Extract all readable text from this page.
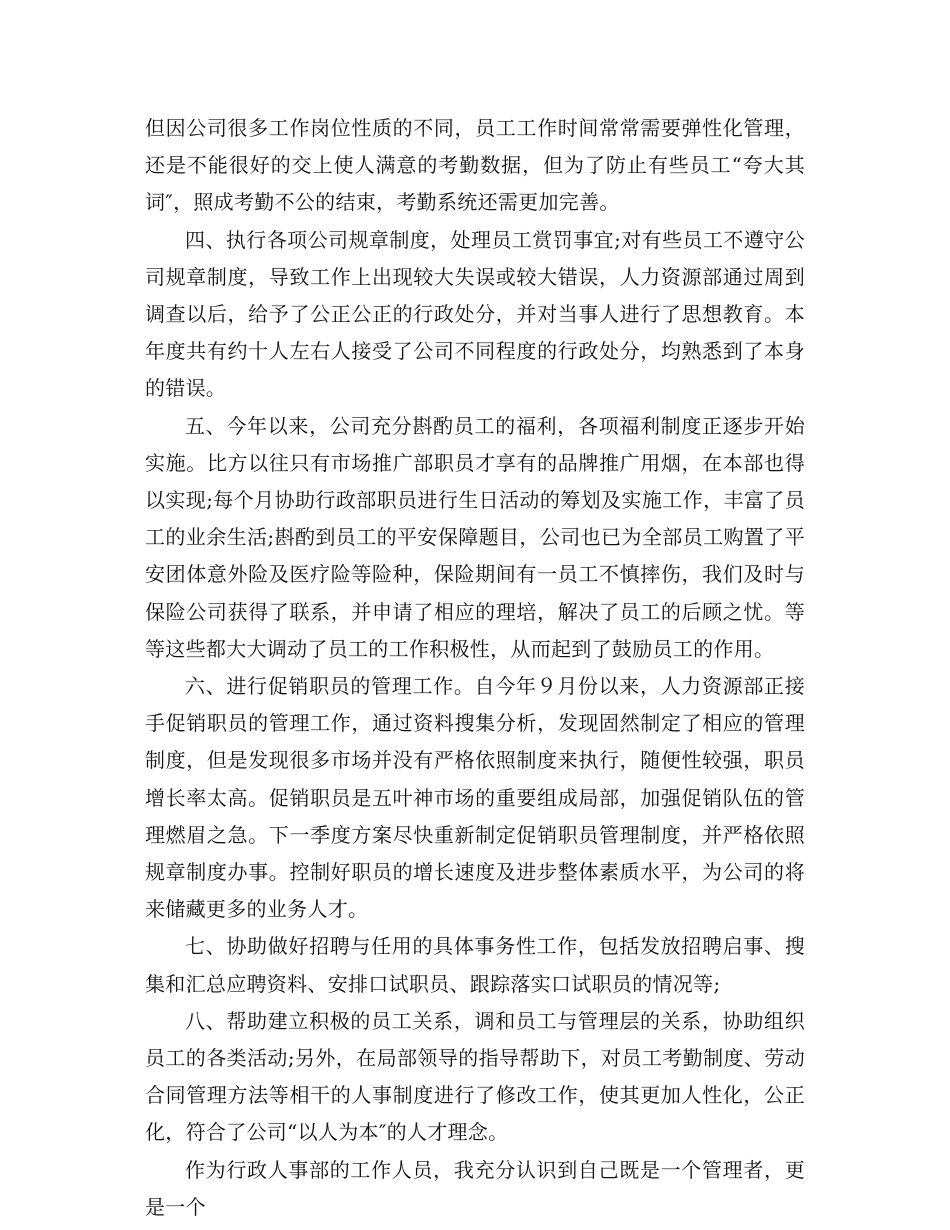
但因公司很多工作岗位性质的不同，员工工作时间常常需要弹性化管理，还是不能很好的交上使人满意的考勤数据，但为了防止有些员工“夸大其词″，照成考勤不公的结束，考勤系统还需更加完善。

四、执行各项公司规章制度，处理员工赏罚事宜;对有些员工不遵守公司规章制度，导致工作上出现较大失误或较大错误，人力资源部通过周到调查以后，给予了公正公正的行政处分，并对当事人进行了思想教育。本年度共有约十人左右人接受了公司不同程度的行政处分，均熟悉到了本身的错误。

五、今年以来，公司充分斟酌员工的福利，各项福利制度正逐步开始实施。比方以往只有市场推广部职员才享有的品牌推广用烟，在本部也得以实现;每个月协助行政部职员进行生日活动的筹划及实施工作，丰富了员工的业余生活;斟酌到员工的平安保障题目，公司也已为全部员工购置了平安团体意外险及医疗险等险种，保险期间有一员工不慎摔伤，我们及时与保险公司获得了联系，并申请了相应的理培，解决了员工的后顾之忧。等等这些都大大调动了员工的工作积极性，从而起到了鼓励员工的作用。

六、进行促销职员的管理工作。自今年９月份以来，人力资源部正接手促销职员的管理工作，通过资料搜集分析，发现固然制定了相应的管理制度，但是发现很多市场并没有严格依照制度来执行，随便性较强，职员增长率太高。促销职员是五叶神市场的重要组成局部，加强促销队伍的管理燃眉之急。下一季度方案尽快重新制定促销职员管理制度，并严格依照规章制度办事。控制好职员的增长速度及进步整体素质水平，为公司的将来储藏更多的业务人才。

七、协助做好招聘与任用的具体事务性工作，包括发放招聘启事、搜集和汇总应聘资料、安排口试职员、跟踪落实口试职员的情况等;

八、帮助建立积极的员工关系，调和员工与管理层的关系，协助组织员工的各类活动;另外，在局部领导的指导帮助下，对员工考勤制度、劳动合同管理方法等相干的人事制度进行了修改工作，使其更加人性化，公正化，符合了公司“以人为本″的人才理念。

作为行政人事部的工作人员，我充分认识到自己既是一个管理者，更是一个
